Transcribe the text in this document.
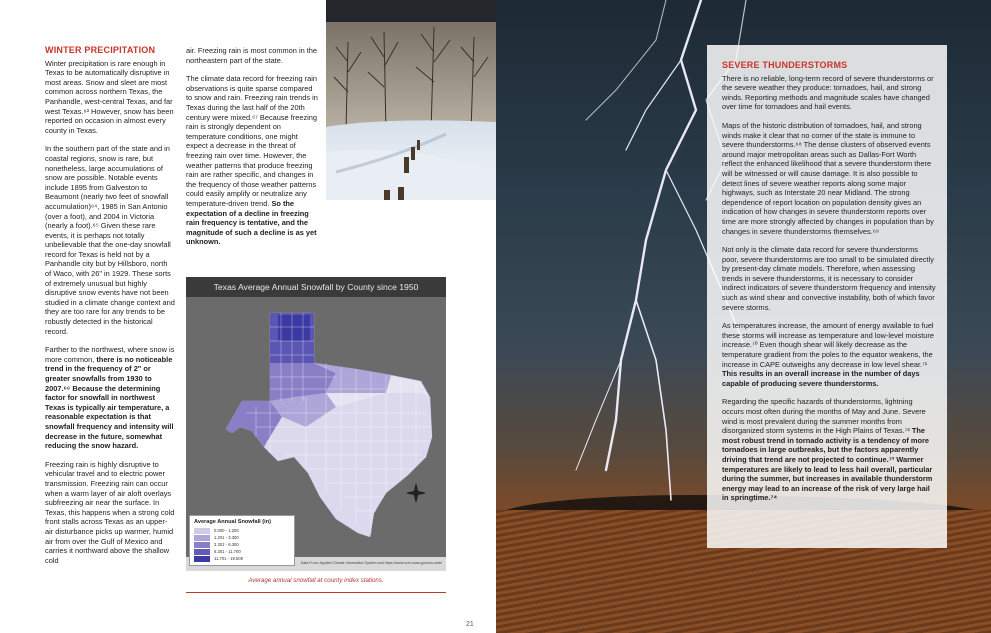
WINTER PRECIPITATION

Winter precipitation is rare enough in Texas to be automatically disruptive in most areas. Snow and sleet are most common across northern Texas, the Panhandle, west-central Texas, and far west Texas.⁶³ However, snow has been reported on occasion in almost every county in Texas.

In the southern part of the state and in coastal regions, snow is rare, but nonetheless, large accumulations of snow are possible. Notable events include 1895 from Galveston to Beaumont (nearly two feet of snowfall accumulation)⁶⁴, 1985 in San Antonio (over a foot), and 2004 in Victoria (nearly a foot).⁶⁵ Given these rare events, it is perhaps not totally unbelievable that the one-day snowfall record for Texas is held not by a Panhandle city but by Hillsboro, north of Waco, with 26" in 1929. These sorts of extremely unusual but highly disruptive snow events have not been studied in a climate change context and they are too rare for any trends to be robustly detected in the historical record.

Farther to the northwest, where snow is more common, there is no noticeable trend in the frequency of 2" or greater snowfalls from 1930 to 2007.⁶⁶ Because the determining factor for snowfall in northwest Texas is typically air temperature, a reasonable expectation is that snowfall frequency and intensity will decrease in the future, somewhat reducing the snow hazard.

Freezing rain is highly disruptive to vehicular travel and to electric power transmission. Freezing rain can occur when a warm layer of air aloft overlays subfreezing air near the surface. In Texas, this happens when a strong cold front stalls across Texas as an upper-air disturbance picks up warmer, humid air from over the Gulf of Mexico and carries it northward above the shallow cold

air. Freezing rain is most common in the northeastern part of the state.

The climate data record for freezing rain observations is quite sparse compared to snow and rain. Freezing rain trends in Texas during the last half of the 20th century were mixed.⁶⁷ Because freezing rain is strongly dependent on temperature conditions, one might expect a decrease in the threat of freezing rain over time. However, the weather patterns that produce freezing rain are rather specific, and changes in the frequency of those weather patterns could easily amplify or neutralize any temperature-driven trend. So the expectation of a decline in freezing rain frequency is tentative, and the magnitude of such a decline is as yet unknown.

Texas Average Annual Snowfall by County since 1950
Average Annual Snowfall (in)
0.000 - 1.200
1.201 - 3.300
3.301 - 6.300
6.301 - 11.700
11.701 - 19.500
Data From: Applied Climate Information System and https://www.ncei.noaa.gov/cdo-web/
Average annual snowfall at county index stations.
21
SEVERE THUNDERSTORMS

There is no reliable, long-term record of severe thunderstorms or the severe weather they produce: tornadoes, hail, and strong winds. Reporting methods and magnitude scales have changed over time for tornadoes and hail events.

Maps of the historic distribution of tornadoes, hail, and strong winds make it clear that no corner of the state is immune to severe thunderstorms.⁶⁸ The dense clusters of observed events around major metropolitan areas such as Dallas-Fort Worth reflect the enhanced likelihood that a severe thunderstorm there will be witnessed or will cause damage. It is also possible to detect lines of severe weather reports along some major highways, such as Interstate 20 near Midland. The strong dependence of report location on population density gives an indication of how changes in severe thunderstorm reports over time are more strongly affected by changes in population than by changes in severe thunderstorms themselves.⁶⁹

Not only is the climate data record for severe thunderstorms poor, severe thunderstorms are too small to be simulated directly by present-day climate models. Therefore, when assessing trends in severe thunderstorms, it is necessary to consider indirect indicators of severe thunderstorm frequency and intensity such as wind shear and convective instability, both of which favor severe storms.

As temperatures increase, the amount of energy available to fuel these storms will increase as temperature and low-level moisture increase.⁷⁰ Even though shear will likely decrease as the temperature gradient from the poles to the equator weakens, the increase in CAPE outweighs any decrease in low level shear.⁷¹ This results in an overall increase in the number of days capable of producing severe thunderstorms.

Regarding the specific hazards of thunderstorms, lightning occurs most often during the months of May and June. Severe wind is most prevalent during the summer months from disorganized storm systems in the High Plains of Texas.⁷² The most robust trend in tornado activity is a tendency of more tornadoes in large outbreaks, but the factors apparently driving that trend are not projected to continue.⁷³ Warmer temperatures are likely to lead to less hail overall, particular during the summer, but increases in available thunderstorm energy may lead to an increase of the risk of very large hail in springtime.⁷⁴
